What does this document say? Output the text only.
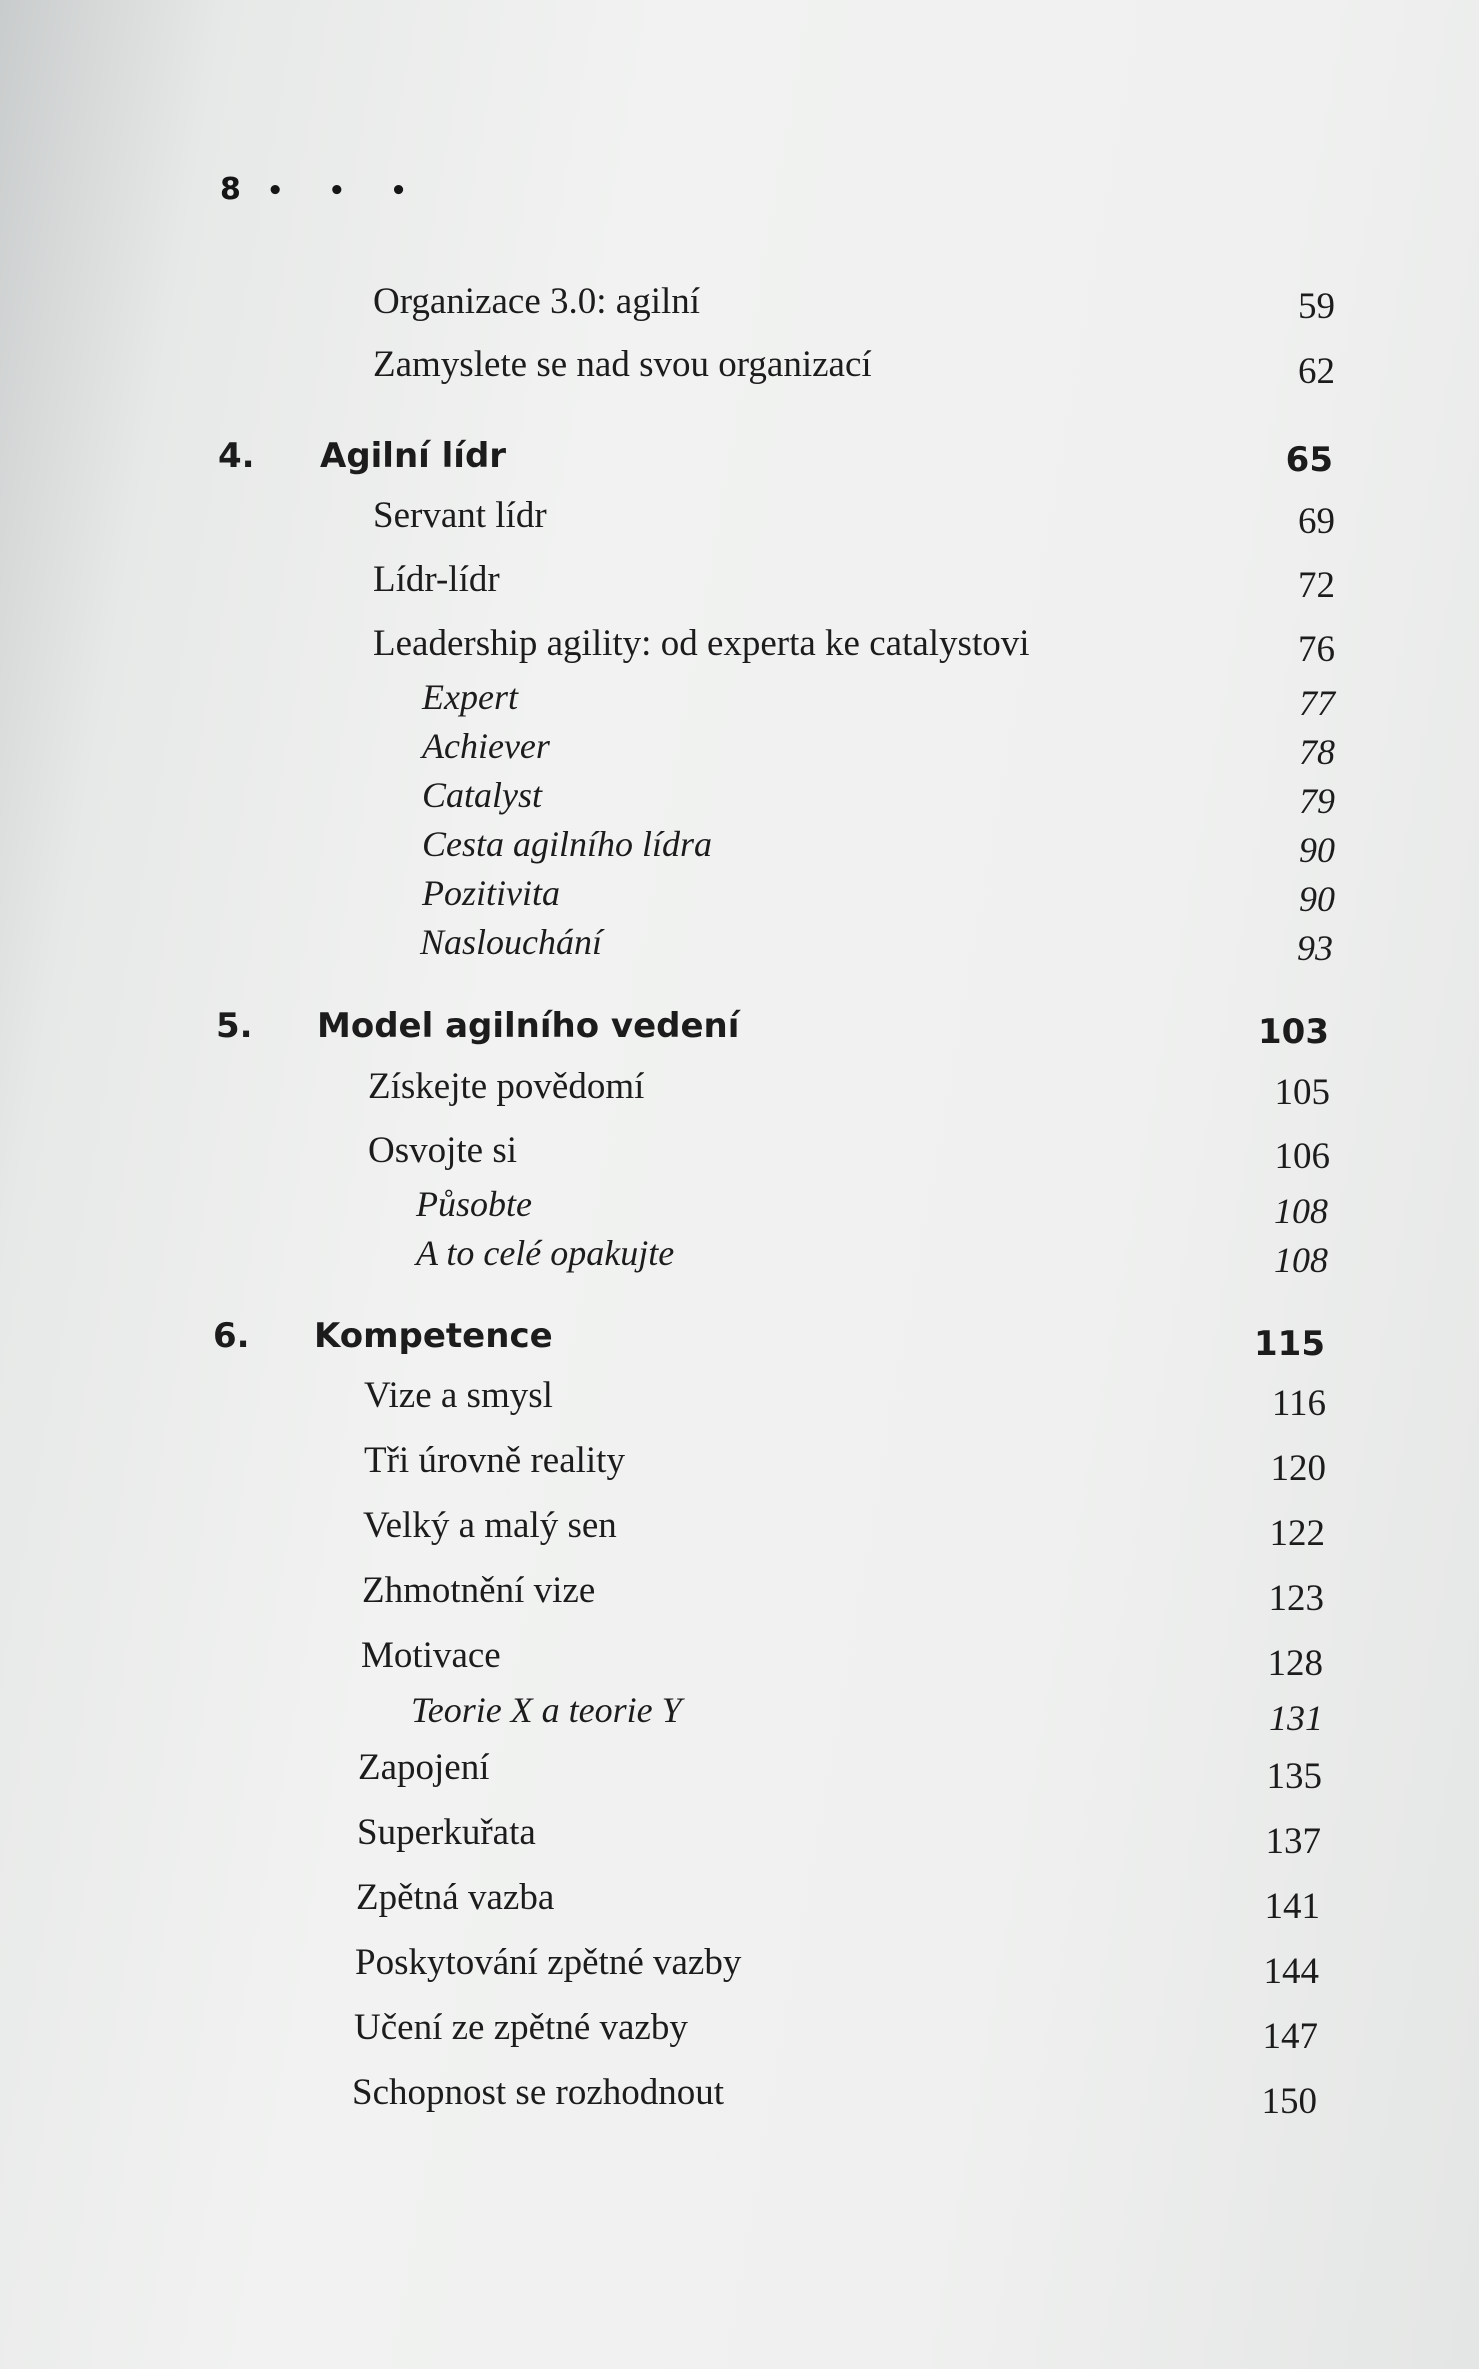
8 • • •
Organizace 3.0: agilní	59
Zamyslete se nad svou organizací	62
4. Agilní lídr	65
Servant lídr	69
Lídr-lídr	72
Leadership agility: od experta ke catalystovi	76
Expert	77
Achiever	78
Catalyst	79
Cesta agilního lídra	90
Pozitivita	90
Naslouchání	93
5. Model agilního vedení	103
Získejte povědomí	105
Osvojte si	106
Působte	108
A to celé opakujte	108
6. Kompetence	115
Vize a smysl	116
Tři úrovně reality	120
Velký a malý sen	122
Zhmotnění vize	123
Motivace	128
Teorie X a teorie Y	131
Zapojení	135
Superkuřata	137
Zpětná vazba	141
Poskytování zpětné vazby	144
Učení ze zpětné vazby	147
Schopnost se rozhodnout	150
